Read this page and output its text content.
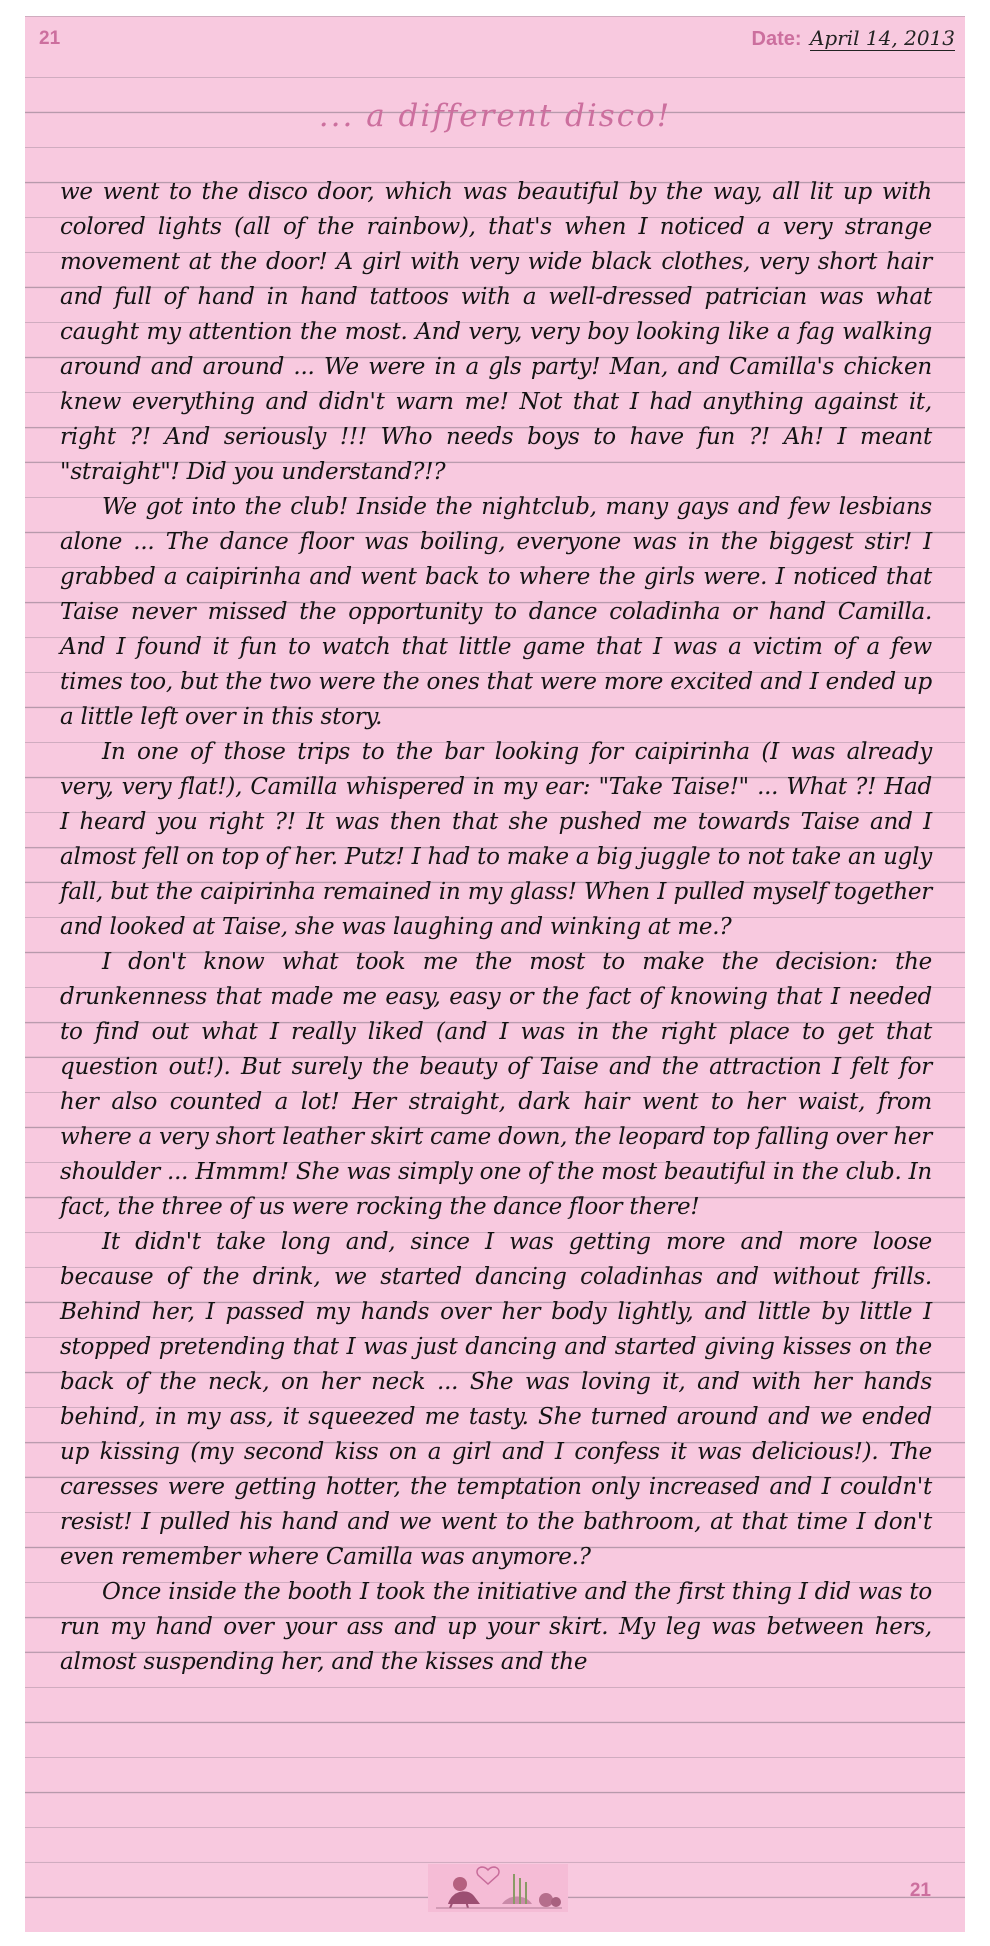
21	Date: April 14, 2013
... a different disco!

we went to the disco door, which was beautiful by the way, all lit up with colored lights (all of the rainbow), that's when I noticed a very strange movement at the door! A girl with very wide black clothes, very short hair and full of hand in hand tattoos with a well-dressed patrician was what caught my attention the most. And very, very boy looking like a fag walking around and around ... We were in a gls party! Man, and Camilla's chicken knew everything and didn't warn me! Not that I had anything against it, right ?! And seriously !!! Who needs boys to have fun ?! Ah! I meant "straight"! Did you understand?!?

We got into the club! Inside the nightclub, many gays and few lesbians alone ... The dance floor was boiling, everyone was in the biggest stir! I grabbed a caipirinha and went back to where the girls were. I noticed that Taise never missed the opportunity to dance coladinha or hand Camilla. And I found it fun to watch that little game that I was a victim of a few times too, but the two were the ones that were more excited and I ended up a little left over in this story.

In one of those trips to the bar looking for caipirinha (I was already very, very flat!), Camilla whispered in my ear: "Take Taise!" ... What ?! Had I heard you right ?! It was then that she pushed me towards Taise and I almost fell on top of her. Putz! I had to make a big juggle to not take an ugly fall, but the caipirinha remained in my glass! When I pulled myself together and looked at Taise, she was laughing and winking at me.?

I don't know what took me the most to make the decision: the drunkenness that made me easy, easy or the fact of knowing that I needed to find out what I really liked (and I was in the right place to get that question out!). But surely the beauty of Taise and the attraction I felt for her also counted a lot! Her straight, dark hair went to her waist, from where a very short leather skirt came down, the leopard top falling over her shoulder ... Hmmm! She was simply one of the most beautiful in the club. In fact, the three of us were rocking the dance floor there!

It didn't take long and, since I was getting more and more loose because of the drink, we started dancing coladinhas and without frills. Behind her, I passed my hands over her body lightly, and little by little I stopped pretending that I was just dancing and started giving kisses on the back of the neck, on her neck ... She was loving it, and with her hands behind, in my ass, it squeezed me tasty. She turned around and we ended up kissing (my second kiss on a girl and I confess it was delicious!). The caresses were getting hotter, the temptation only increased and I couldn't resist! I pulled his hand and we went to the bathroom, at that time I don't even remember where Camilla was anymore.?

Once inside the booth I took the initiative and the first thing I did was to run my hand over your ass and up your skirt. My leg was between hers, almost suspending her, and the kisses and the

21
